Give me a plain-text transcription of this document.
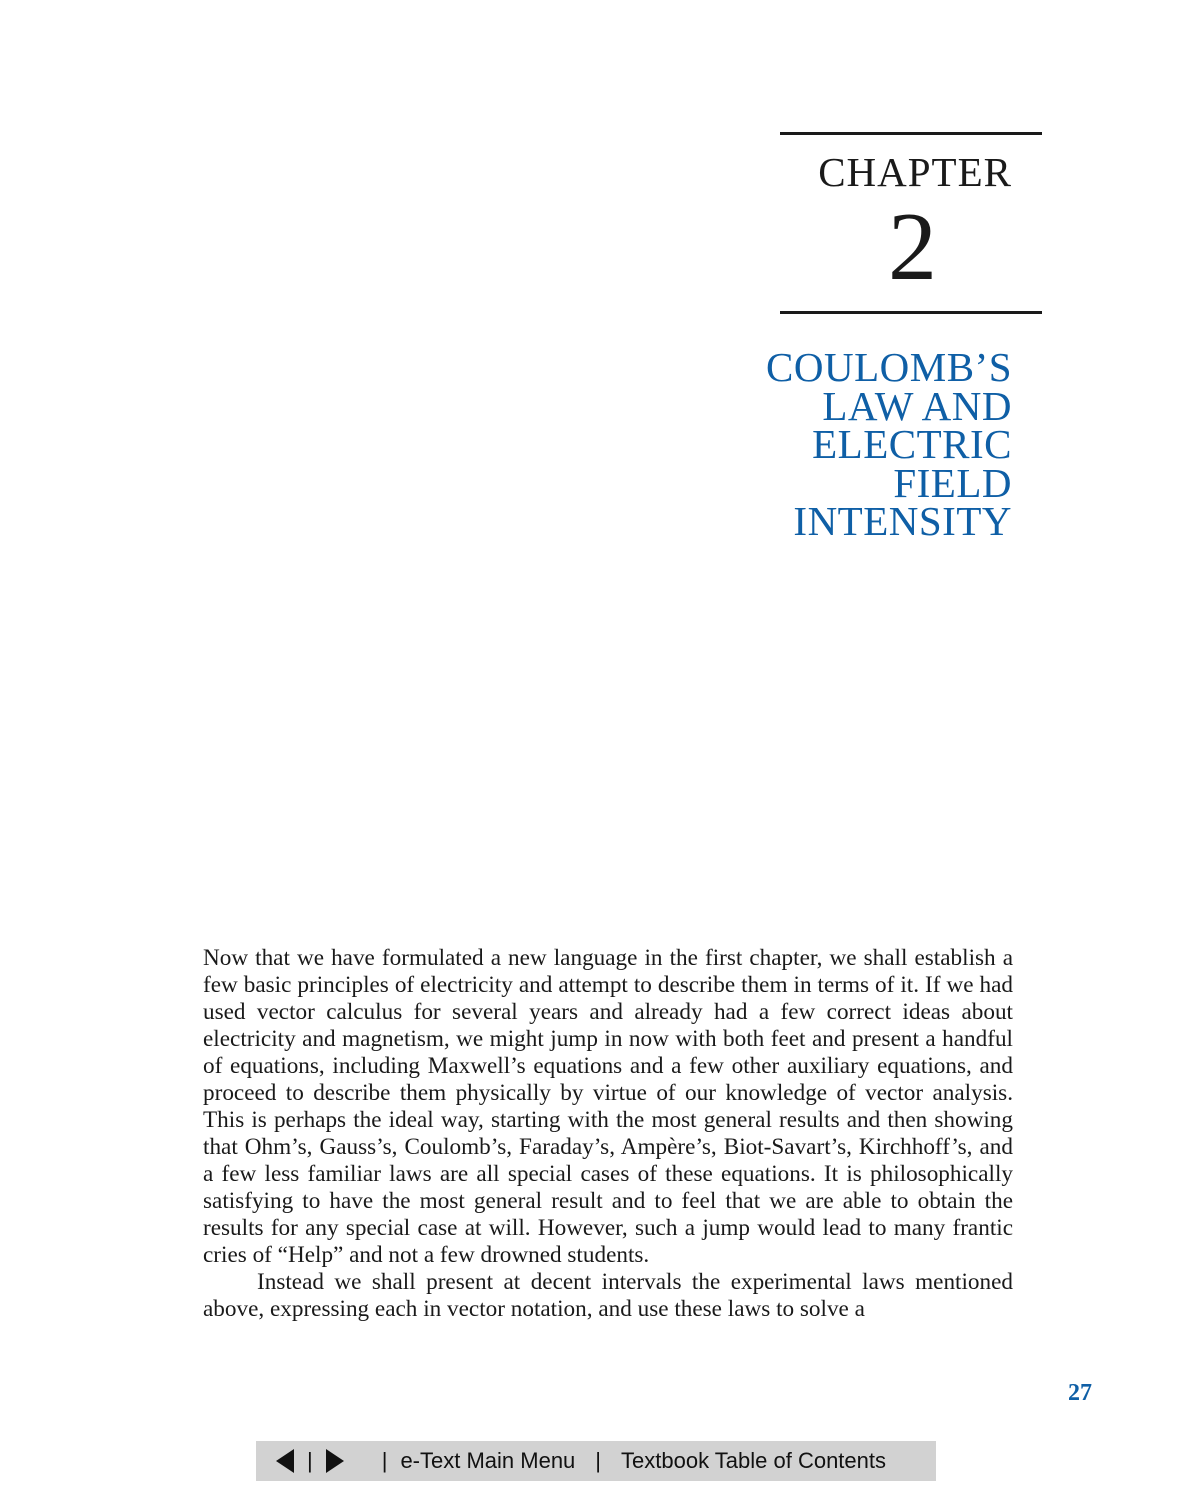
CHAPTER
2
COULOMB’S
LAW AND
ELECTRIC
FIELD
INTENSITY

Now that we have formulated a new language in the first chapter, we shall establish a few basic principles of electricity and attempt to describe them in terms of it. If we had used vector calculus for several years and already had a few correct ideas about electricity and magnetism, we might jump in now with both feet and present a handful of equations, including Maxwell’s equations and a few other auxiliary equations, and proceed to describe them physically by virtue of our knowledge of vector analysis. This is perhaps the ideal way, starting with the most general results and then showing that Ohm’s, Gauss’s, Coulomb’s, Faraday’s, Ampère’s, Biot-Savart’s, Kirchhoff’s, and a few less familiar laws are all special cases of these equations. It is philosophically satisfying to have the most general result and to feel that we are able to obtain the results for any special case at will. However, such a jump would lead to many frantic cries of “Help” and not a few drowned students.

Instead we shall present at decent intervals the experimental laws mentioned above, expressing each in vector notation, and use these laws to solve a

27
|	| e-Text Main Menu | Textbook Table of Contents
